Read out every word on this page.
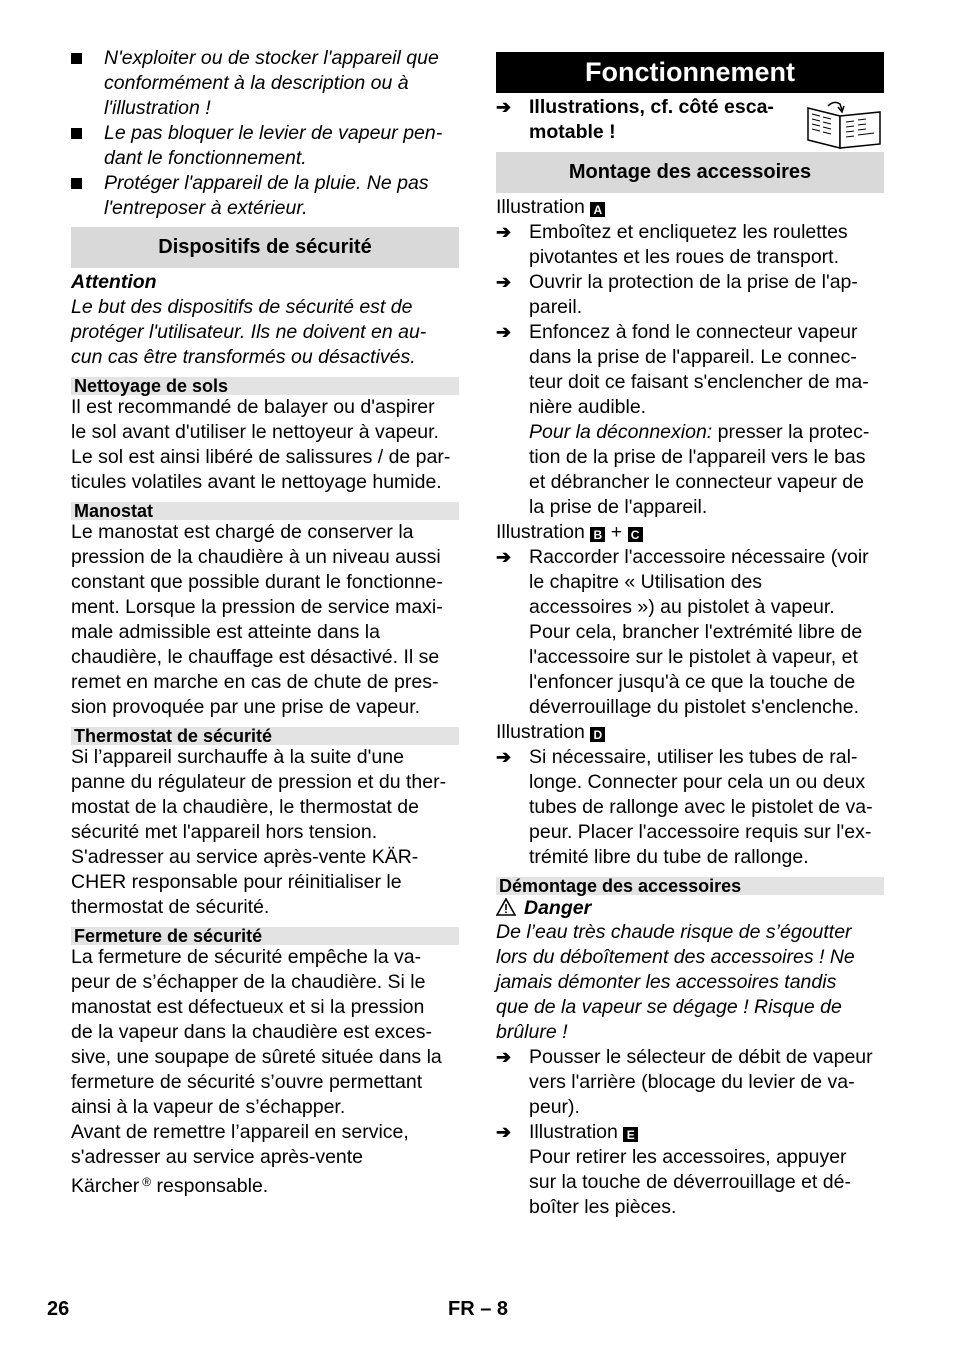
N'exploiter ou de stocker l'appareil que
conformément à la description ou à
l'illustration !
Le pas bloquer le levier de vapeur pen-
dant le fonctionnement.
Protéger l'appareil de la pluie. Ne pas
l'entreposer à extérieur.
Dispositifs de sécurité
Attention
Le but des dispositifs de sécurité est de
protéger l'utilisateur. Ils ne doivent en au-
cun cas être transformés ou désactivés.
Nettoyage de sols
Il est recommandé de balayer ou d'aspirer
le sol avant d'utiliser le nettoyeur à vapeur.
Le sol est ainsi libéré de salissures / de par-
ticules volatiles avant le nettoyage humide.
Manostat
Le manostat est chargé de conserver la
pression de la chaudière à un niveau aussi
constant que possible durant le fonctionne-
ment. Lorsque la pression de service maxi-
male admissible est atteinte dans la
chaudière, le chauffage est désactivé. Il se
remet en marche en cas de chute de pres-
sion provoquée par une prise de vapeur.
Thermostat de sécurité
Si l’appareil surchauffe à la suite d'une
panne du régulateur de pression et du ther-
mostat de la chaudière, le thermostat de
sécurité met l'appareil hors tension.
S'adresser au service après-vente KÄR-
CHER responsable pour réinitialiser le
thermostat de sécurité.
Fermeture de sécurité
La fermeture de sécurité empêche la va-
peur de s’échapper de la chaudière. Si le
manostat est défectueux et si la pression
de la vapeur dans la chaudière est exces-
sive, une soupape de sûreté située dans la
fermeture de sécurité s’ouvre permettant
ainsi à la vapeur de s’échapper.
Avant de remettre l’appareil en service,
s'adresser au service après-vente
Kärcher ® responsable.
Fonctionnement
➔ Illustrations, cf. côté esca-
motable !
Montage des accessoires
Illustration A
➔ Emboîtez et encliquetez les roulettes
pivotantes et les roues de transport.
➔ Ouvrir la protection de la prise de l'ap-
pareil.
➔ Enfoncez à fond le connecteur vapeur
dans la prise de l'appareil. Le connec-
teur doit ce faisant s'enclencher de ma-
nière audible.
Pour la déconnexion: presser la protec-
tion de la prise de l'appareil vers le bas
et débrancher le connecteur vapeur de
la prise de l'appareil.
Illustration B + C
➔ Raccorder l'accessoire nécessaire (voir
le chapitre « Utilisation des
accessoires ») au pistolet à vapeur.
Pour cela, brancher l'extrémité libre de
l'accessoire sur le pistolet à vapeur, et
l'enfoncer jusqu'à ce que la touche de
déverrouillage du pistolet s'enclenche.
Illustration D
➔ Si nécessaire, utiliser les tubes de ral-
longe. Connecter pour cela un ou deux
tubes de rallonge avec le pistolet de va-
peur. Placer l'accessoire requis sur l'ex-
trémité libre du tube de rallonge.
Démontage des accessoires
Danger
De l’eau très chaude risque de s’égoutter
lors du déboîtement des accessoires ! Ne
jamais démonter les accessoires tandis
que de la vapeur se dégage ! Risque de
brûlure !
➔ Pousser le sélecteur de débit de vapeur
vers l'arrière (blocage du levier de va-
peur).
➔ Illustration E
Pour retirer les accessoires, appuyer
sur la touche de déverrouillage et dé-
boîter les pièces.
26	FR – 8
